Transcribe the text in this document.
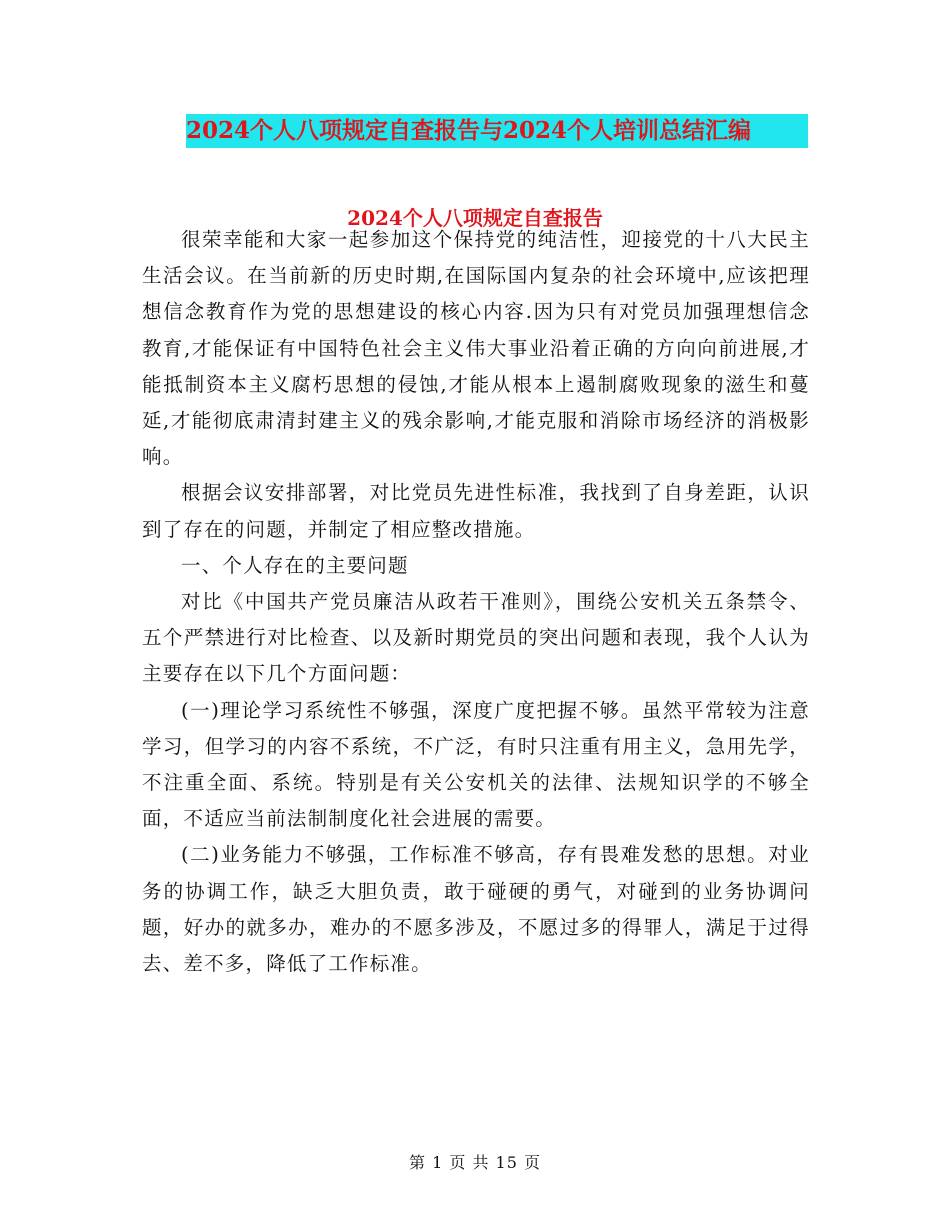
2024个人八项规定自查报告与2024个人培训总结汇编
2024个人八项规定自查报告

很荣幸能和大家一起参加这个保持党的纯洁性，迎接党的十八大民主生活会议。在当前新的历史时期,在国际国内复杂的社会环境中,应该把理想信念教育作为党的思想建设的核心内容.因为只有对党员加强理想信念教育,才能保证有中国特色社会主义伟大事业沿着正确的方向向前进展,才能抵制资本主义腐朽思想的侵蚀,才能从根本上遏制腐败现象的滋生和蔓延,才能彻底肃清封建主义的残余影响,才能克服和消除市场经济的消极影响。

根据会议安排部署，对比党员先进性标准，我找到了自身差距，认识到了存在的问题，并制定了相应整改措施。

一、个人存在的主要问题

对比《中国共产党员廉洁从政若干准则》，围绕公安机关五条禁令、五个严禁进行对比检查、以及新时期党员的突出问题和表现，我个人认为主要存在以下几个方面问题：

(一)理论学习系统性不够强，深度广度把握不够。虽然平常较为注意学习，但学习的内容不系统，不广泛，有时只注重有用主义，急用先学，不注重全面、系统。特别是有关公安机关的法律、法规知识学的不够全面，不适应当前法制制度化社会进展的需要。

(二)业务能力不够强，工作标准不够高，存有畏难发愁的思想。对业务的协调工作，缺乏大胆负责，敢于碰硬的勇气，对碰到的业务协调问题，好办的就多办，难办的不愿多涉及，不愿过多的得罪人，满足于过得去、差不多，降低了工作标准。

第 1 页 共 15 页
